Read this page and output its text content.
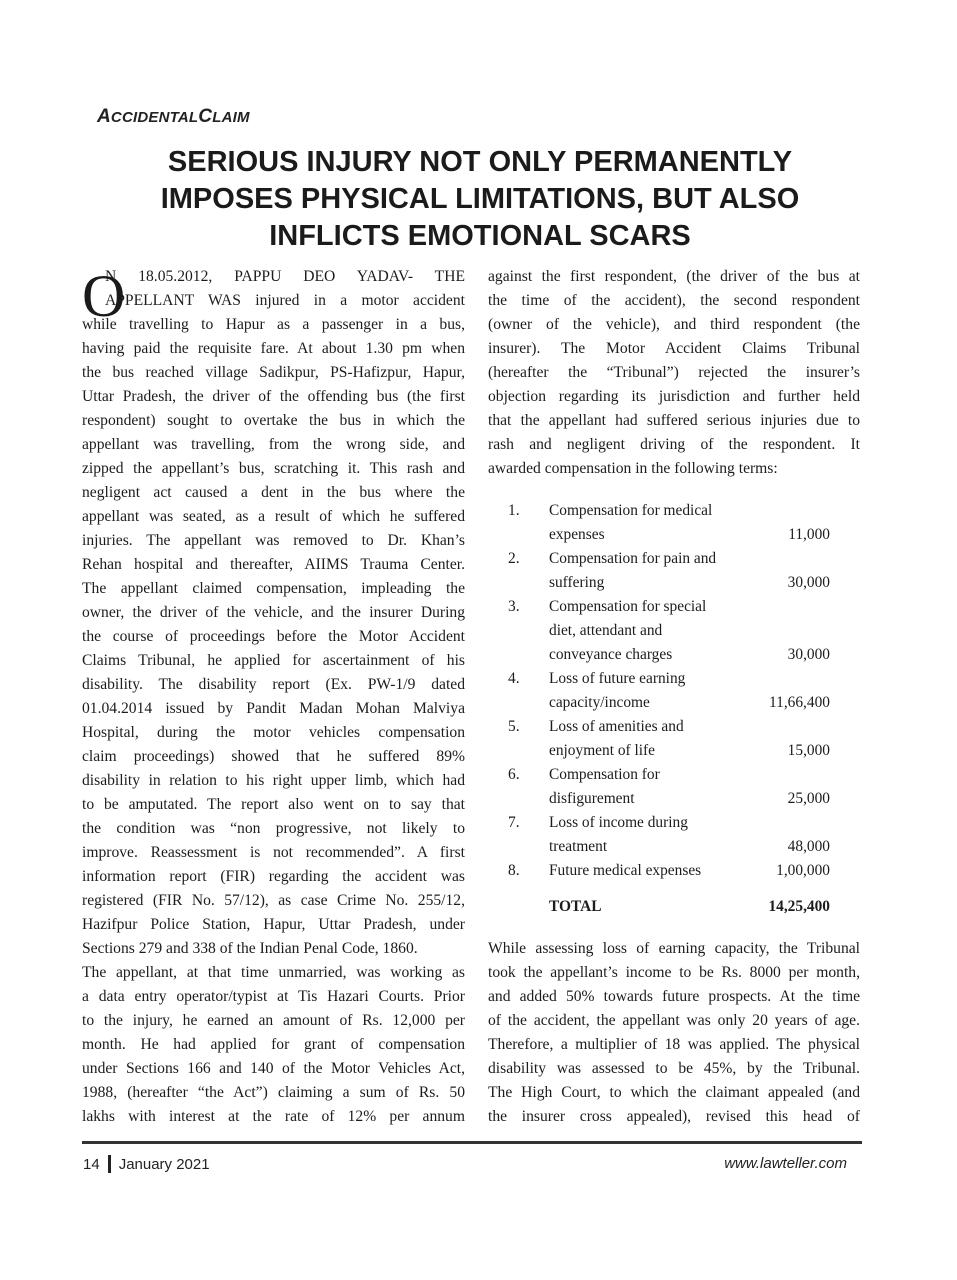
ACCIDENTALCLAIM
SERIOUS INJURY NOT ONLY PERMANENTLY
IMPOSES PHYSICAL LIMITATIONS, BUT ALSO
INFLICTS EMOTIONAL SCARS
O
N 18.05.2012, PAPPU DEO YADAV- THE
APPELLANT WAS injured in a motor accident
while travelling to Hapur as a passenger in a bus,
having paid the requisite fare. At about 1.30 pm when
the bus reached village Sadikpur, PS-Hafizpur, Hapur,
Uttar Pradesh, the driver of the offending bus (the first
respondent) sought to overtake the bus in which the
appellant was travelling, from the wrong side, and
zipped the appellant’s bus, scratching it. This rash and
negligent act caused a dent in the bus where the
appellant was seated, as a result of which he suffered
injuries. The appellant was removed to Dr. Khan’s
Rehan hospital and thereafter, AIIMS Trauma Center.
The appellant claimed compensation, impleading the
owner, the driver of the vehicle, and the insurer During
the course of proceedings before the Motor Accident
Claims Tribunal, he applied for ascertainment of his
disability. The disability report (Ex. PW-1/9 dated
01.04.2014 issued by Pandit Madan Mohan Malviya
Hospital, during the motor vehicles compensation
claim proceedings) showed that he suffered 89%
disability in relation to his right upper limb, which had
to be amputated. The report also went on to say that
the condition was “non progressive, not likely to
improve. Reassessment is not recommended”. A first
information report (FIR) regarding the accident was
registered (FIR No. 57/12), as case Crime No. 255/12,
Hazifpur Police Station, Hapur, Uttar Pradesh, under
Sections 279 and 338 of the Indian Penal Code, 1860.
The appellant, at that time unmarried, was working as
a data entry operator/typist at Tis Hazari Courts. Prior
to the injury, he earned an amount of Rs. 12,000 per
month. He had applied for grant of compensation
under Sections 166 and 140 of the Motor Vehicles Act,
1988, (hereafter “the Act”) claiming a sum of Rs. 50
lakhs with interest at the rate of 12% per annum
against the first respondent, (the driver of the bus at
the time of the accident), the second respondent
(owner of the vehicle), and third respondent (the
insurer). The Motor Accident Claims Tribunal
(hereafter the “Tribunal”) rejected the insurer’s
objection regarding its jurisdiction and further held
that the appellant had suffered serious injuries due to
rash and negligent driving of the respondent. It
awarded compensation in the following terms:
1.	Compensation for medical	
	expenses	11,000
2.	Compensation for pain and	
	suffering	30,000
3.	Compensation for special	
	diet, attendant and	
	conveyance charges	30,000
4.	Loss of future earning	
	capacity/income	11,66,400
5.	Loss of amenities and	
	enjoyment of life	15,000
6.	Compensation for	
	disfigurement	25,000
7.	Loss of income during	
	treatment	48,000
8.	Future medical expenses	1,00,000
	TOTAL	14,25,400
While assessing loss of earning capacity, the Tribunal
took the appellant’s income to be Rs. 8000 per month,
and added 50% towards future prospects. At the time
of the accident, the appellant was only 20 years of age.
Therefore, a multiplier of 18 was applied. The physical
disability was assessed to be 45%, by the Tribunal.
The High Court, to which the claimant appealed (and
the insurer cross appealed), revised this head of
14 January 2021	www.lawteller.com
